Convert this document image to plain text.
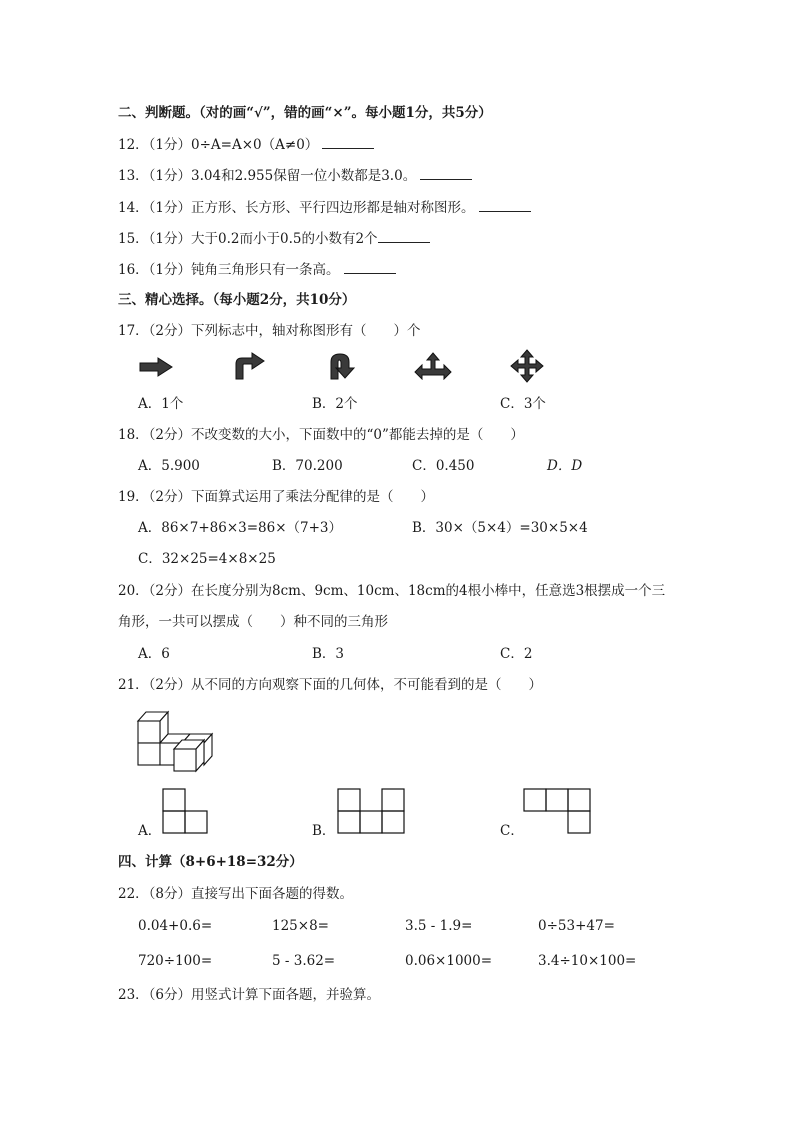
二、判断题。（对的画“√”，错的画“×”。每小题1分，共5分）
12．（1分）0÷A=A×0（A≠0）
13．（1分）3.04和2.955保留一位小数都是3.0。
14．（1分）正方形、长方形、平行四边形都是轴对称图形。
15．（1分）大于0.2而小于0.5的小数有2个
16．（1分）钝角三角形只有一条高。
三、精心选择。（每小题2分，共10分）
17．（2分）下列标志中，轴对称图形有（　　）个
A．1个	B．2个	C．3个
18．（2分）不改变数的大小，下面数中的“0”都能去掉的是（　　）
A．5.900	B．70.200	C．0.450	D．D
19．（2分）下面算式运用了乘法分配律的是（　　）
A．86×7+86×3=86×（7+3）	B．30×（5×4）=30×5×4
C．32×25=4×8×25
20．（2分）在长度分别为8cm、9cm、10cm、18cm的4根小棒中，任意选3根摆成一个三
角形，一共可以摆成（　　）种不同的三角形
A．6	B．3	C．2
21．（2分）从不同的方向观察下面的几何体，不可能看到的是（　　）
A．	B．	C．
四、计算（8+6+18=32分）
22．（8分）直接写出下面各题的得数。
0.04+0.6=	125×8=	3.5 - 1.9=	0÷53+47=
720÷100=	5 - 3.62=	0.06×1000=	3.4÷10×100=
23．（6分）用竖式计算下面各题，并验算。
